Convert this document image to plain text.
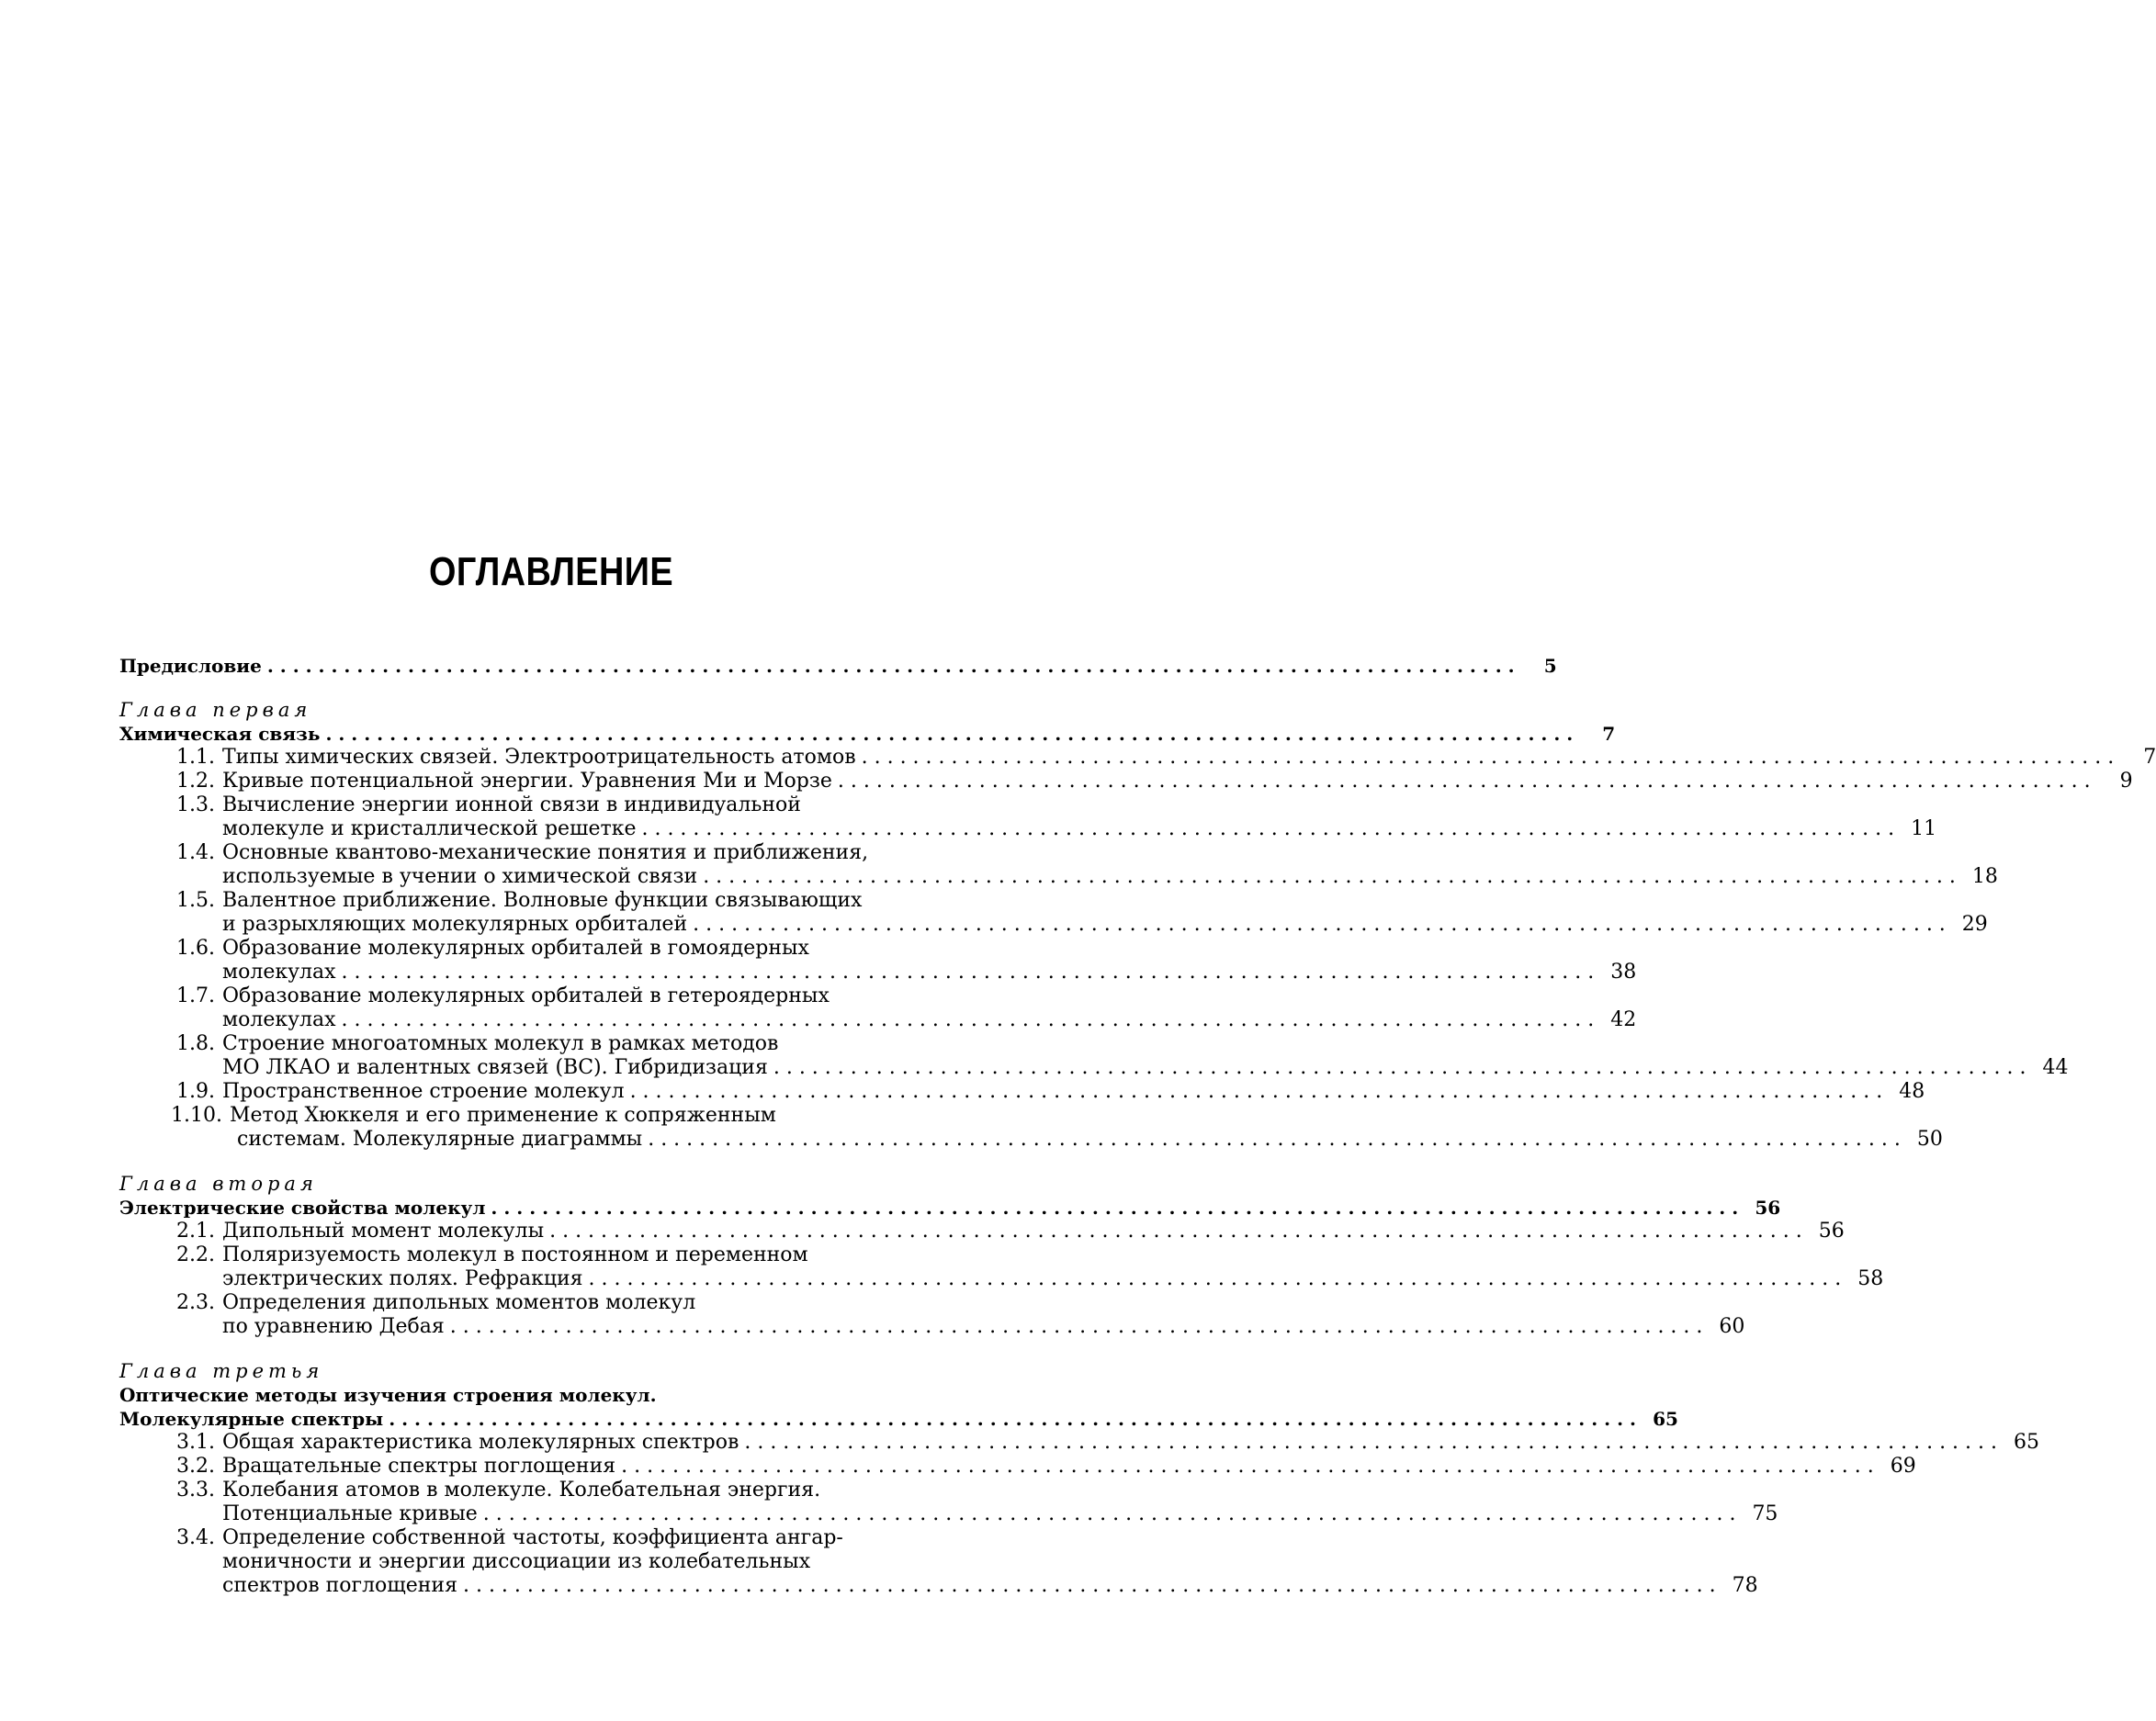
ОГЛАВЛЕНИЕ
Предисловие . . .	5
Глава первая
Химическая связь . . .	7
1.1. Типы химических связей. Электроотрицательность атомов . . .	7
1.2. Кривые потенциальной энергии. Уравнения Ми и Морзе . . .	9
1.3. Вычисление энергии ионной связи в индивидуальной
молекуле и кристаллической решетке . . .	11
1.4. Основные квантово-механические понятия и приближения,
используемые в учении о химической связи . . .	18
1.5. Валентное приближение. Волновые функции связывающих
и разрыхляющих молекулярных орбиталей . . .	29
1.6. Образование молекулярных орбиталей в гомоядерных
молекулах . . .	38
1.7. Образование молекулярных орбиталей в гетероядерных
молекулах . . .	42
1.8. Строение многоатомных молекул в рамках методов
МО ЛКАО и валентных связей (ВС). Гибридизация . . .	44
1.9. Пространственное строение молекул . . .	48
1.10. Метод Хюккеля и его применение к сопряженным
системам. Молекулярные диаграммы . . .	50
Глава вторая
Электрические свойства молекул . . .	56
2.1. Дипольный момент молекулы . . .	56
2.2. Поляризуемость молекул в постоянном и переменном
электрических полях. Рефракция . . .	58
2.3. Определения дипольных моментов молекул
по уравнению Дебая . . .	60
Глава третья
Оптические методы изучения строения молекул.
Молекулярные спектры . . .	65
3.1. Общая характеристика молекулярных спектров . . .	65
3.2. Вращательные спектры поглощения . . .	69
3.3. Колебания атомов в молекуле. Колебательная энергия.
Потенциальные кривые . . .	75
3.4. Определение собственной частоты, коэффициента ангар-
моничности и энергии диссоциации из колебательных
спектров поглощения . . .	78
